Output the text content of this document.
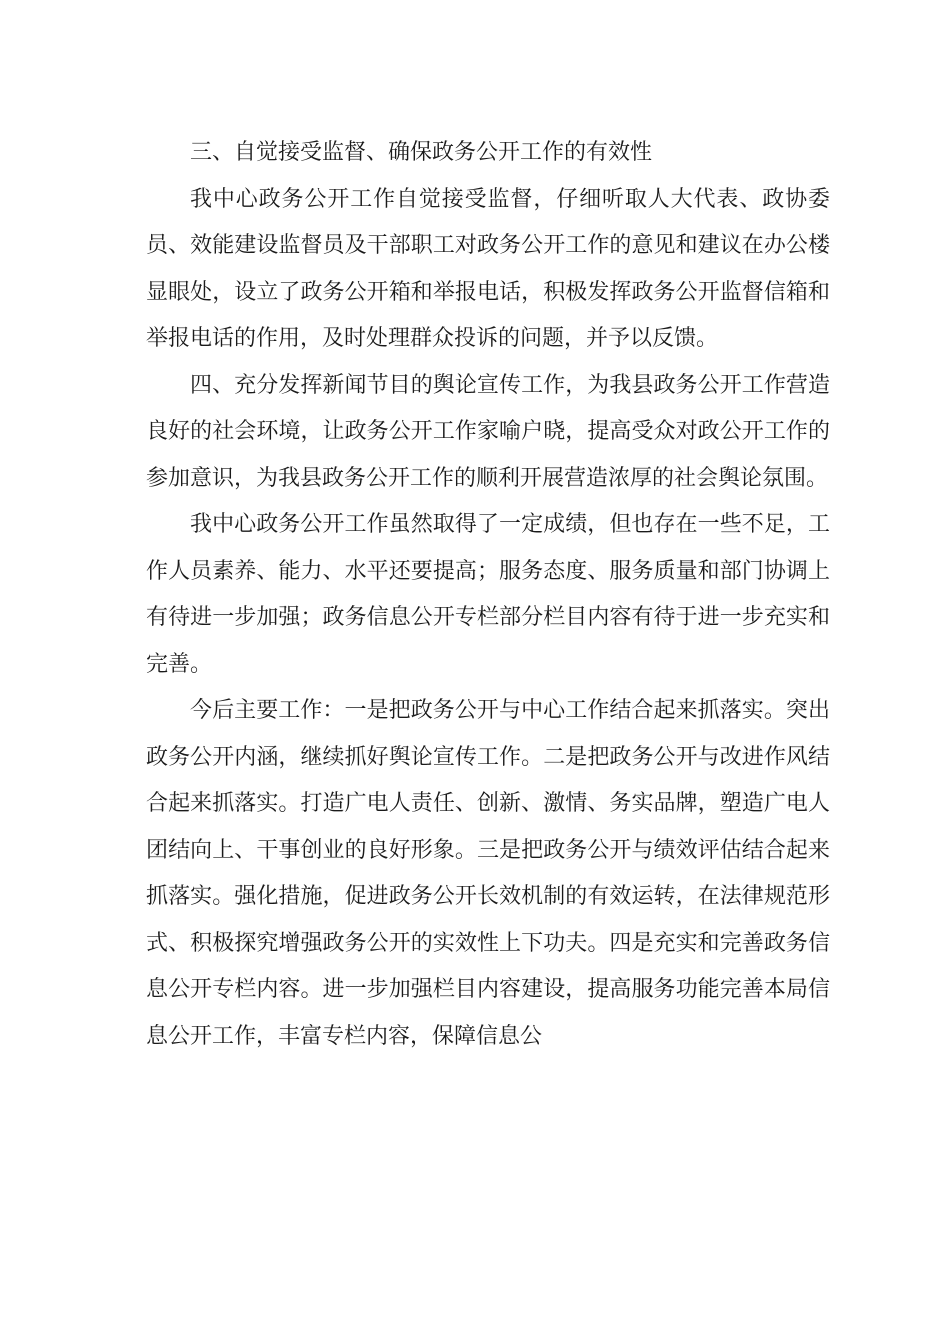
三、自觉接受监督、确保政务公开工作的有效性

我中心政务公开工作自觉接受监督，仔细听取人大代表、政协委员、效能建设监督员及干部职工对政务公开工作的意见和建议在办公楼显眼处，设立了政务公开箱和举报电话，积极发挥政务公开监督信箱和举报电话的作用，及时处理群众投诉的问题，并予以反馈。

四、充分发挥新闻节目的舆论宣传工作，为我县政务公开工作营造良好的社会环境，让政务公开工作家喻户晓，提高受众对政公开工作的参加意识，为我县政务公开工作的顺利开展营造浓厚的社会舆论氛围。

我中心政务公开工作虽然取得了一定成绩，但也存在一些不足，工作人员素养、能力、水平还要提高；服务态度、服务质量和部门协调上有待进一步加强；政务信息公开专栏部分栏目内容有待于进一步充实和完善。

今后主要工作：一是把政务公开与中心工作结合起来抓落实。突出政务公开内涵，继续抓好舆论宣传工作。二是把政务公开与改进作风结合起来抓落实。打造广电人责任、创新、激情、务实品牌，塑造广电人团结向上、干事创业的良好形象。三是把政务公开与绩效评估结合起来抓落实。强化措施，促进政务公开长效机制的有效运转，在法律规范形式、积极探究增强政务公开的实效性上下功夫。四是充实和完善政务信息公开专栏内容。进一步加强栏目内容建设，提高服务功能完善本局信息公开工作，丰富专栏内容，保障信息公
